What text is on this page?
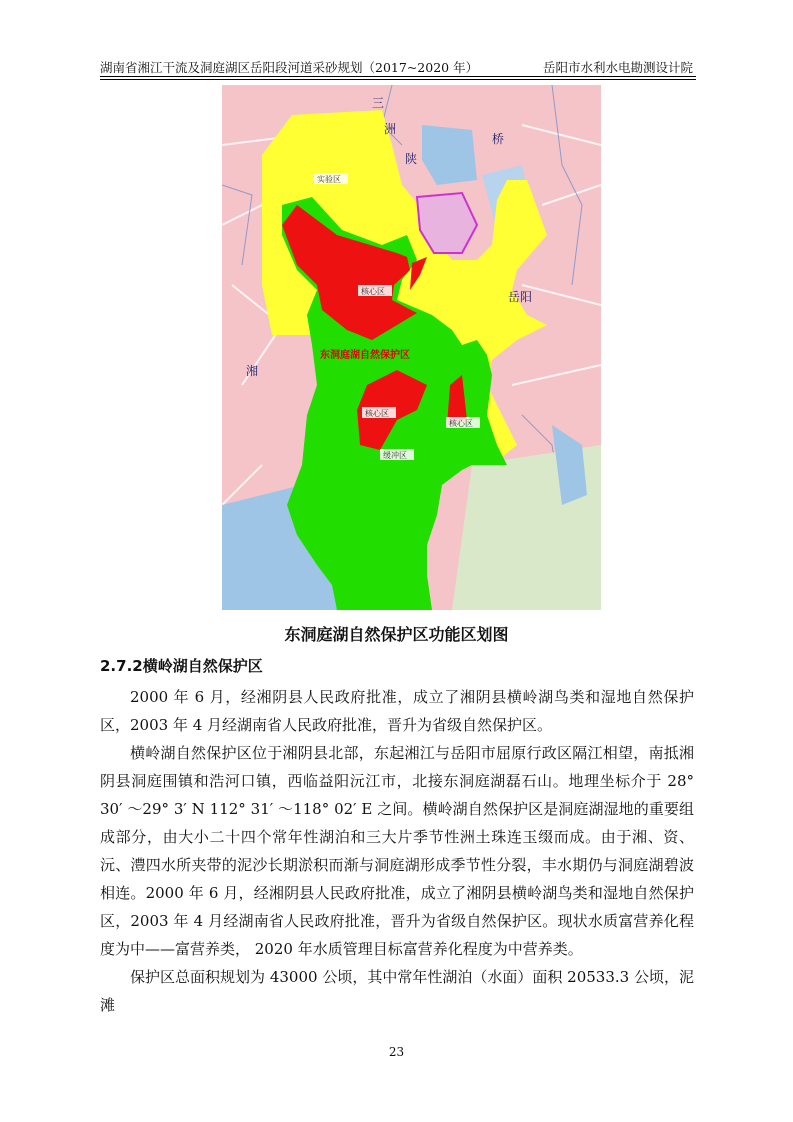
湖南省湘江干流及洞庭湖区岳阳段河道采砂规划（2017~2020 年）	岳阳市水利水电勘测设计院
三
洲
陕
桥
岳阳
湘
实验区
核心区
核心区
核心区
缓冲区
东洞庭湖自然保护区
东洞庭湖自然保护区功能区划图
2.7.2横岭湖自然保护区

2000 年 6 月，经湘阴县人民政府批准，成立了湘阴县横岭湖鸟类和湿地自然保护区，2003 年 4 月经湖南省人民政府批准，晋升为省级自然保护区。

横岭湖自然保护区位于湘阴县北部，东起湘江与岳阳市屈原行政区隔江相望，南抵湘阴县洞庭围镇和浩河口镇，西临益阳沅江市，北接东洞庭湖磊石山。地理坐标介于 28° 30′ ～29° 3′ N 112° 31′ ～118° 02′ E 之间。横岭湖自然保护区是洞庭湖湿地的重要组成部分，由大小二十四个常年性湖泊和三大片季节性洲土珠连玉缀而成。由于湘、资、沅、澧四水所夹带的泥沙长期淤积而渐与洞庭湖形成季节性分裂，丰水期仍与洞庭湖碧波相连。2000 年 6 月，经湘阴县人民政府批准，成立了湘阴县横岭湖鸟类和湿地自然保护区，2003 年 4 月经湖南省人民政府批准，晋升为省级自然保护区。现状水质富营养化程度为中——富营养类， 2020 年水质管理目标富营养化程度为中营养类。

保护区总面积规划为 43000 公顷，其中常年性湖泊（水面）面积 20533.3 公顷，泥滩

23
